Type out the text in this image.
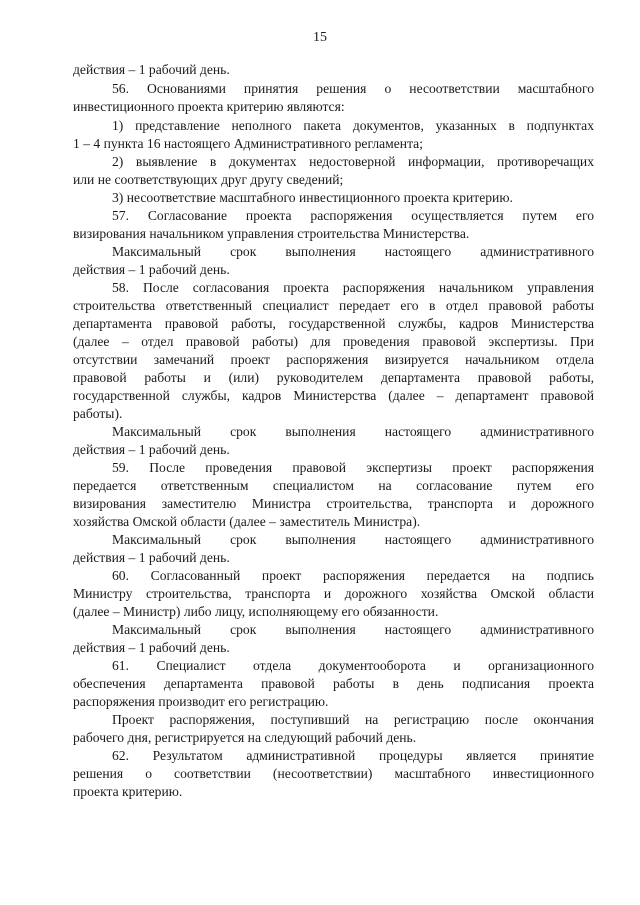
15
действия – 1 рабочий день.
56. Основаниями принятия решения о несоответствии масштабного
инвестиционного проекта критерию являются:
1) представление неполного пакета документов, указанных в подпунктах
1 – 4 пункта 16 настоящего Административного регламента;
2) выявление в документах недостоверной информации, противоречащих
или не соответствующих друг другу сведений;
3) несоответствие масштабного инвестиционного проекта критерию.
57. Согласование проекта распоряжения осуществляется путем его
визирования начальником управления строительства Министерства.
Максимальный срок выполнения настоящего административного
действия – 1 рабочий день.
58. После согласования проекта распоряжения начальником управления
строительства ответственный специалист передает его в отдел правовой работы
департамента правовой работы, государственной службы, кадров Министерства
(далее – отдел правовой работы) для проведения правовой экспертизы. При
отсутствии замечаний проект распоряжения визируется начальником отдела
правовой работы и (или) руководителем департамента правовой работы,
государственной службы, кадров Министерства (далее – департамент правовой
работы).
Максимальный срок выполнения настоящего административного
действия – 1 рабочий день.
59. После проведения правовой экспертизы проект распоряжения
передается ответственным специалистом на согласование путем его
визирования заместителю Министра строительства, транспорта и дорожного
хозяйства Омской области (далее – заместитель Министра).
Максимальный срок выполнения настоящего административного
действия – 1 рабочий день.
60. Согласованный проект распоряжения передается на подпись
Министру строительства, транспорта и дорожного хозяйства Омской области
(далее – Министр) либо лицу, исполняющему его обязанности.
Максимальный срок выполнения настоящего административного
действия – 1 рабочий день.
61. Специалист отдела документооборота и организационного
обеспечения департамента правовой работы в день подписания проекта
распоряжения производит его регистрацию.
Проект распоряжения, поступивший на регистрацию после окончания
рабочего дня, регистрируется на следующий рабочий день.
62. Результатом административной процедуры является принятие
решения о соответствии (несоответствии) масштабного инвестиционного
проекта критерию.
